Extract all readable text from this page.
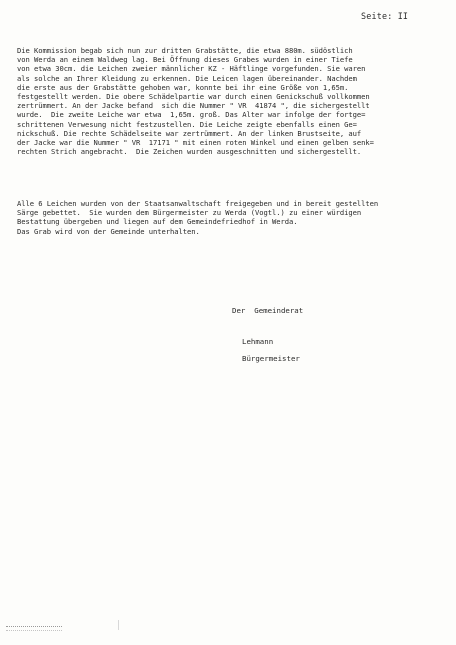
Seite: II
Die Kommission begab sich nun zur dritten Grabstätte, die etwa 880m. südöstlich
von Werda an einem Waldweg lag. Bei Öffnung dieses Grabes wurden in einer Tiefe
von etwa 30cm. die Leichen zweier männlicher KZ - Häftlinge vorgefunden. Sie waren
als solche an Ihrer Kleidung zu erkennen. Die Leicen lagen übereinander. Nachdem
die erste aus der Grabstätte gehoben war, konnte bei ihr eine Größe von 1,65m.
festgestellt werden. Die obere Schädelpartie war durch einen Genickschuß vollkommen
zertrümmert. An der Jacke befand  sich die Nummer " VR  41874 ", die sichergestellt
wurde.  Die zweite Leiche war etwa  1,65m. groß. Das Alter war infolge der fortge=
schrittenen Verwesung nicht festzustellen. Die Leiche zeigte ebenfalls einen Ge=
nickschuß. Die rechte Schädelseite war zertrümmert. An der linken Brustseite, auf
der Jacke war die Nummer " VR  17171 " mit einen roten Winkel und einen gelben senk=
rechten Strich angebracht.  Die Zeichen wurden ausgeschnitten und sichergestellt.
Alle 6 Leichen wurden von der Staatsanwaltschaft freigegeben und in bereit gestellten
Särge gebettet.  Sie wurden dem Bürgermeister zu Werda (Vogtl.) zu einer würdigen
Bestattung übergeben und liegen auf dem Gemeindefriedhof in Werda.
Das Grab wird von der Gemeinde unterhalten.
Der  Gemeinderat
Lehmann
Bürgermeister
